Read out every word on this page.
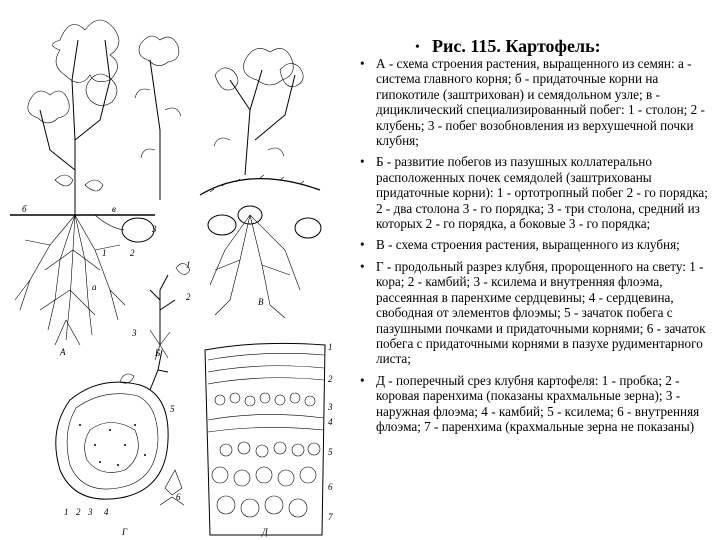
б	в
а
А
1	2
3
В
Б
1
2
3
Г
1 2 3 4
5
6
1
2
3
4
5
6
7
Д
• Рис. 115. Картофель:
• А - схема строения растения, выращенного из семян: а - система главного корня; б - придаточные корни на гипокотиле (заштрихован) и семядольном узле; в - дициклический специализированный побег: 1 - столон; 2 - клубень; 3 - побег возобновления из верхушечной почки клубня;
• Б - развитие побегов из пазушных коллатерально расположенных почек семядолей (заштрихованы придаточные корни): 1 - ортотропный побег 2 - го порядка; 2 - два столона 3 - го порядка; 3 - три столона, средний из которых 2 - го порядка, а боковые 3 - го порядка;
• В - схема строения растения, выращенного из клубня;
• Г - продольный разрез клубня, пророщенного на свету: 1 - кора; 2 - камбий; 3 - ксилема и внутренняя флоэма, рассеянная в паренхиме сердцевины; 4 - сердцевина, свободная от элементов флоэмы; 5 - зачаток побега с пазушными почками и придаточными корнями; 6 - зачаток побега с придаточными корнями в пазухе рудиментарного листа;
• Д - поперечный срез клубня картофеля: 1 - пробка; 2 - коровая паренхима (показаны крахмальные зерна); 3 - наружная флоэма; 4 - камбий; 5 - ксилема; 6 - внутренняя флоэма; 7 - паренхима (крахмальные зерна не показаны)
